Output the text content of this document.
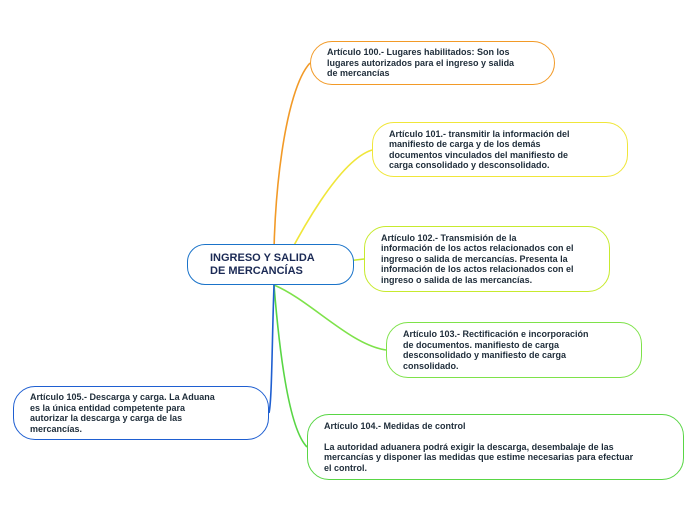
INGRESO Y SALIDA
DE MERCANCÍAS
Artículo 100.- Lugares habilitados: Son los
lugares autorizados para el ingreso y salida
de mercancías
Artículo 101.- transmitir la información del
manifiesto de carga y de los demás
documentos vinculados del manifiesto de
carga consolidado y desconsolidado.
Artículo 102.- Transmisión de la
información de los actos relacionados con el
ingreso o salida de mercancías. Presenta la
información de los actos relacionados con el
ingreso o salida de las mercancías.
Artículo 103.- Rectificación e incorporación
de documentos. manifiesto de carga
desconsolidado y manifiesto de carga
consolidado.
Artículo 104.- Medidas de control

La autoridad aduanera podrá exigir la descarga, desembalaje de las
mercancías y disponer las medidas que estime necesarias para efectuar
el control.
Artículo 105.- Descarga y carga. La Aduana
es la única entidad competente para
autorizar la descarga y carga de las
mercancías.
